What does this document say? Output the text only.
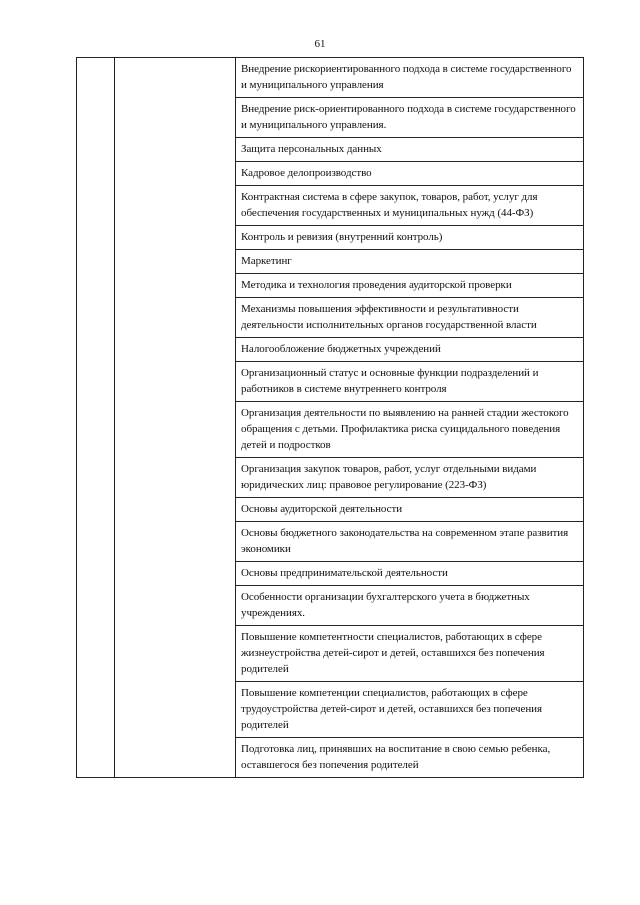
61
		Внедрение рискориентированного подхода в системе государственного и муниципального управления
Внедрение риск-ориентированного подхода в системе государственного и муниципального управления.
Защита персональных данных
Кадровое делопроизводство
Контрактная система в сфере закупок, товаров, работ, услуг для обеспечения государственных и муниципальных нужд (44-ФЗ)
Контроль и ревизия (внутренний контроль)
Маркетинг
Методика и технология проведения аудиторской проверки
Механизмы повышения эффективности и результативности деятельности исполнительных органов государственной власти
Налогообложение бюджетных учреждений
Организационный статус и основные функции подразделений и работников в системе внутреннего контроля
Организация деятельности по выявлению на ранней стадии жестокого обращения с детьми. Профилактика риска суицидального поведения детей и подростков
Организация закупок товаров, работ, услуг отдельными видами юридических лиц: правовое регулирование (223-ФЗ)
Основы аудиторской деятельности
Основы бюджетного законодательства на современном этапе развития экономики
Основы предпринимательской деятельности
Особенности организации бухгалтерского учета в бюджетных учреждениях.
Повышение компетентности специалистов, работающих в сфере жизнеустройства детей-сирот и детей, оставшихся без попечения родителей
Повышение компетенции специалистов, работающих в сфере трудоустройства детей-сирот и детей, оставшихся без попечения родителей
Подготовка лиц, принявших на воспитание в свою семью ребенка, оставшегося без попечения родителей
